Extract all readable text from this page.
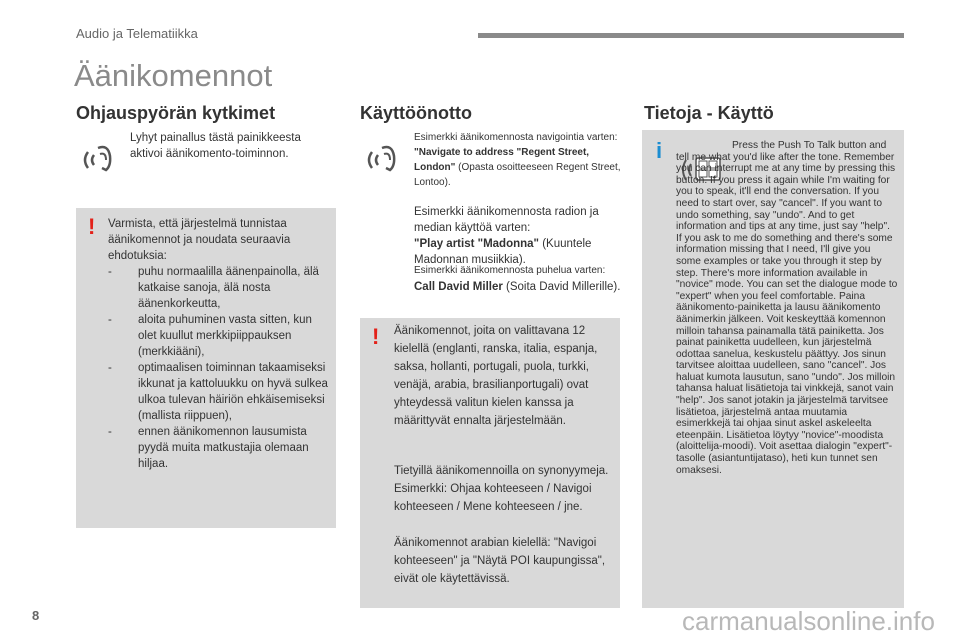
Audio ja Telematiikka
Äänikomennot
Ohjauspyörän kytkimet
Lyhyt painallus tästä painikkeesta aktivoi äänikomento-toiminnon.
! Varmista, että järjestelmä tunnistaa äänikomennot ja noudata seuraavia ehdotuksia:

- puhu normaalilla äänenpainolla, älä katkaise sanoja, älä nosta äänenkorkeutta,
- aloita puhuminen vasta sitten, kun olet kuullut merkkipiippauksen (merkkiääni),
- optimaalisen toiminnan takaamiseksi ikkunat ja kattoluukku on hyvä sulkea ulkoa tulevan häiriön ehkäisemiseksi (mallista riippuen),
- ennen äänikomennon lausumista pyydä muita matkustajia olemaan hiljaa.
Käyttöönotto
Esimerkki äänikomennosta navigointia varten:
"Navigate to address "Regent Street, London" (Opasta osoitteeseen Regent Street, Lontoo).
Esimerkki äänikomennosta radion ja median käyttöä varten:
"Play artist "Madonna" (Kuuntele Madonnan musiikkia).
Esimerkki äänikomennosta puhelua varten:
Call David Miller (Soita David Millerille).
! Äänikomennot, joita on valittavana 12 kielellä (englanti, ranska, italia, espanja, saksa, hollanti, portugali, puola, turkki, venäjä, arabia, brasilianportugali) ovat yhteydessä valitun kielen kanssa ja määrittyvät ennalta järjestelmään.

Tietyillä äänikomennoilla on synonyymeja.

Esimerkki: Ohjaa kohteeseen / Navigoi kohteeseen / Mene kohteeseen / jne.

Äänikomennot arabian kielellä: "Navigoi kohteeseen" ja "Näytä POI kaupungissa", eivät ole käytettävissä.
Tietoja - Käyttö
i	Press the Push To Talk button and tell me what you'd like after the tone. Remember you can interrupt me at any time by pressing this button. If you press it again while I'm waiting for you to speak, it'll end the conversation. If you need to start over, say "cancel". If you want to undo something, say "undo". And to get information and tips at any time, just say "help". If you ask to me do something and there's some information missing that I need, I'll give you some examples or take you through it step by step. There's more information available in "novice" mode. You can set the dialogue mode to "expert" when you feel comfortable. Paina äänikomento-painiketta ja lausu äänikomento äänimerkin jälkeen. Voit keskeyttää komennon milloin tahansa painamalla tätä painiketta. Jos painat painiketta uudelleen, kun järjestelmä odottaa sanelua, keskustelu päättyy. Jos sinun tarvitsee aloittaa uudelleen, sano "cancel". Jos haluat kumota lausutun, sano "undo". Jos milloin tahansa haluat lisätietoja tai vinkkejä, sanot vain "help". Jos sanot jotakin ja järjestelmä tarvitsee lisätietoa, järjestelmä antaa muutamia esimerkkejä tai ohjaa sinut askel askeleelta eteenpäin. Lisätietoa löytyy "novice"-moodista (aloittelija-moodi). Voit asettaa dialogin "expert"-tasolle (asiantuntijataso), heti kun tunnet sen omaksesi.
8	carmanualsonline.info
